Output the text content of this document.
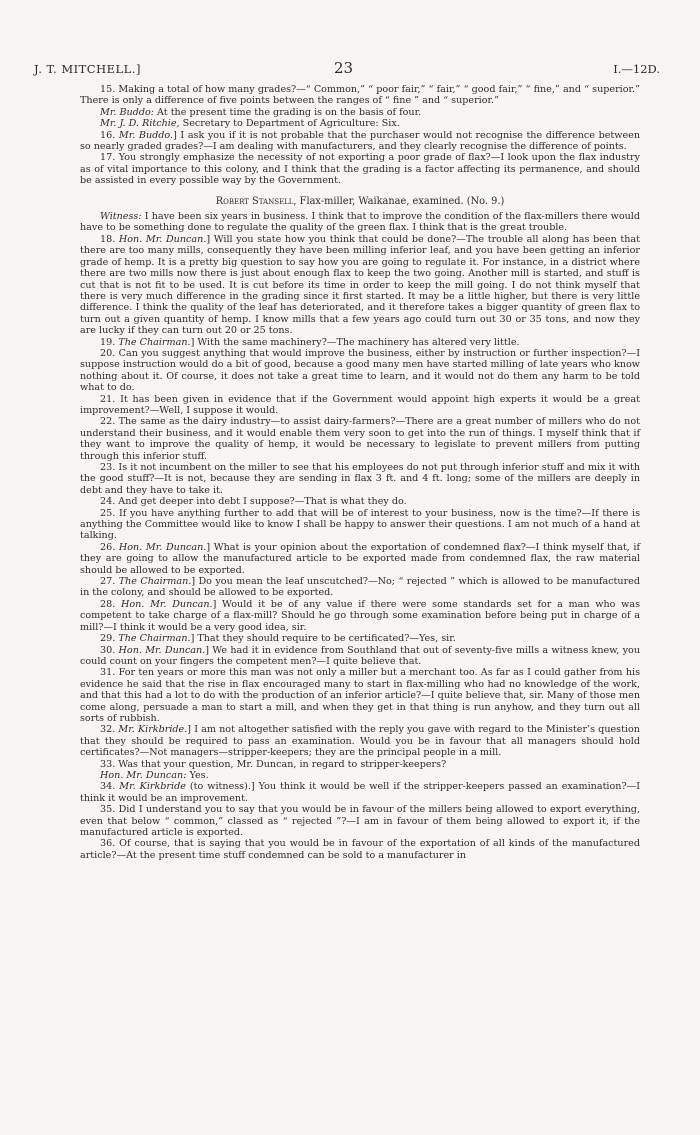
J. T. MITCHELL.]	23	I.—12D.

15. Making a total of how many grades?—“ Common,” “ poor fair,” “ fair,” “ good fair,” “ fine,” and “ superior.” There is only a difference of five points between the ranges of “ fine ” and “ superior.”

Mr. Buddo: At the present time the grading is on the basis of four.

Mr. J. D. Ritchie, Secretary to Department of Agriculture: Six.

16. Mr. Buddo.] I ask you if it is not probable that the purchaser would not recognise the difference between so nearly graded grades?—I am dealing with manufacturers, and they clearly recognise the difference of points.

17. You strongly emphasize the necessity of not exporting a poor grade of flax?—I look upon the flax industry as of vital importance to this colony, and I think that the grading is a factor affecting its permanence, and should be assisted in every possible way by the Government.

Robert Stansell, Flax-miller, Waikanae, examined. (No. 9.)

Witness: I have been six years in business. I think that to improve the condition of the flax-millers there would have to be something done to regulate the quality of the green flax. I think that is the great trouble.

18. Hon. Mr. Duncan.] Will you state how you think that could be done?—The trouble all along has been that there are too many mills, consequently they have been milling inferior leaf, and you have been getting an inferior grade of hemp. It is a pretty big question to say how you are going to regulate it. For instance, in a district where there are two mills now there is just about enough flax to keep the two going. Another mill is started, and stuff is cut that is not fit to be used. It is cut before its time in order to keep the mill going. I do not think myself that there is very much difference in the grading since it first started. It may be a little higher, but there is very little difference. I think the quality of the leaf has deteriorated, and it therefore takes a bigger quantity of green flax to turn out a given quantity of hemp. I know mills that a few years ago could turn out 30 or 35 tons, and now they are lucky if they can turn out 20 or 25 tons.

19. The Chairman.] With the same machinery?—The machinery has altered very little.

20. Can you suggest anything that would improve the business, either by instruction or further inspection?—I suppose instruction would do a bit of good, because a good many men have started milling of late years who know nothing about it. Of course, it does not take a great time to learn, and it would not do them any harm to be told what to do.

21. It has been given in evidence that if the Government would appoint high experts it would be a great improvement?—Well, I suppose it would.

22. The same as the dairy industry—to assist dairy-farmers?—There are a great number of millers who do not understand their business, and it would enable them very soon to get into the run of things. I myself think that if they want to improve the quality of hemp, it would be necessary to legislate to prevent millers from putting through this inferior stuff.

23. Is it not incumbent on the miller to see that his employees do not put through inferior stuff and mix it with the good stuff?—It is not, because they are sending in flax 3 ft. and 4 ft. long; some of the millers are deeply in debt and they have to take it.

24. And get deeper into debt I suppose?—That is what they do.

25. If you have anything further to add that will be of interest to your business, now is the time?—If there is anything the Committee would like to know I shall be happy to answer their questions. I am not much of a hand at talking.

26. Hon. Mr. Duncan.] What is your opinion about the exportation of condemned flax?—I think myself that, if they are going to allow the manufactured article to be exported made from condemned flax, the raw material should be allowed to be exported.

27. The Chairman.] Do you mean the leaf unscutched?—No; “ rejected ” which is allowed to be manufactured in the colony, and should be allowed to be exported.

28. Hon. Mr. Duncan.] Would it be of any value if there were some standards set for a man who was competent to take charge of a flax-mill? Should he go through some examination before being put in charge of a mill?—I think it would be a very good idea, sir.

29. The Chairman.] That they should require to be certificated?—Yes, sir.

30. Hon. Mr. Duncan.] We had it in evidence from Southland that out of seventy-five mills a witness knew, you could count on your fingers the competent men?—I quite believe that.

31. For ten years or more this man was not only a miller but a merchant too. As far as I could gather from his evidence he said that the rise in flax encouraged many to start in flax-milling who had no knowledge of the work, and that this had a lot to do with the production of an inferior article?—I quite believe that, sir. Many of those men come along, persuade a man to start a mill, and when they get in that thing is run anyhow, and they turn out all sorts of rubbish.

32. Mr. Kirkbride.] I am not altogether satisfied with the reply you gave with regard to the Minister’s question that they should be required to pass an examination. Would you be in favour that all managers should hold certificates?—Not managers—stripper-keepers; they are the principal people in a mill.

33. Was that your question, Mr. Duncan, in regard to stripper-keepers?

Hon. Mr. Duncan: Yes.

34. Mr. Kirkbride (to witness).] You think it would be well if the stripper-keepers passed an examination?—I think it would be an improvement.

35. Did I understand you to say that you would be in favour of the millers being allowed to export everything, even that below “ common,” classed as “ rejected ”?—I am in favour of them being allowed to export it, if the manufactured article is exported.

36. Of course, that is saying that you would be in favour of the exportation of all kinds of the manufactured article?—At the present time stuff condemned can be sold to a manufacturer in
